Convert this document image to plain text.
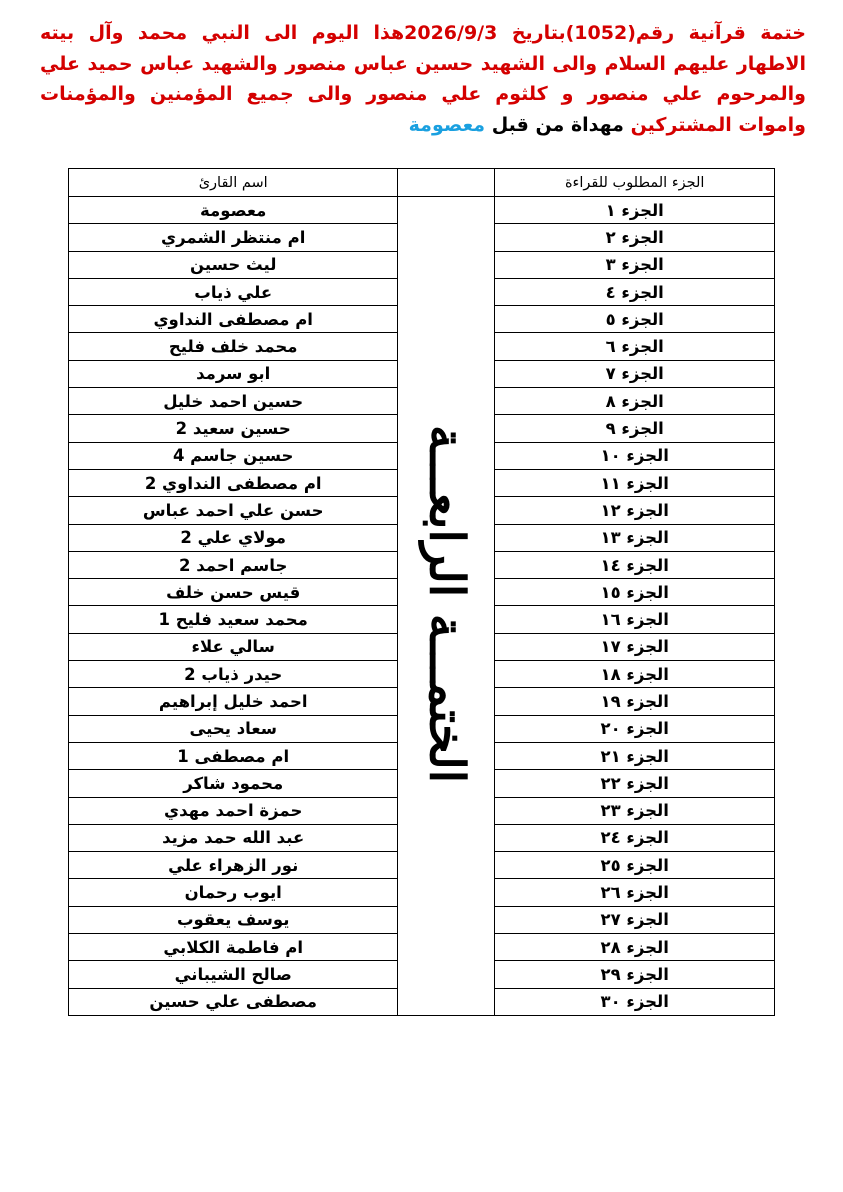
ختمة قرآنية رقم(1052)بتاريخ 2026/9/3هذا اليوم الى النبي محمد وآل بيته الاطهار عليهم السلام والى الشهيد حسين عباس منصور والشهيد عباس حميد علي والمرحوم علي منصور و كلثوم علي منصور والى جميع المؤمنين والمؤمنات واموات المشتركين مهداة من قبل معصومة
الجزء المطلوب للقراءة		اسم القارئ
الجزء ١	الختمـــة الرابعـــة	معصومة
الجزء ٢		ام منتظر الشمري
الجزء ٣		ليث حسين
الجزء ٤		علي ذياب
الجزء ٥		ام مصطفى النداوي
الجزء ٦		محمد خلف فليح
الجزء ٧		ابو سرمد
الجزء ٨		حسين احمد خليل
الجزء ٩		حسين سعيد 2
الجزء ١٠		حسين جاسم 4
الجزء ١١		ام مصطفى النداوي 2
الجزء ١٢		حسن علي احمد عباس
الجزء ١٣		مولاي علي 2
الجزء ١٤		جاسم احمد 2
الجزء ١٥		قيس حسن خلف
الجزء ١٦		محمد سعيد فليح 1
الجزء ١٧		سالي علاء
الجزء ١٨		حيدر ذياب 2
الجزء ١٩		احمد خليل إبراهيم
الجزء ٢٠		سعاد يحيى
الجزء ٢١		ام مصطفى 1
الجزء ٢٢		محمود شاكر
الجزء ٢٣		حمزة احمد مهدي
الجزء ٢٤		عبد الله حمد مزيد
الجزء ٢٥		نور الزهراء علي
الجزء ٢٦		ايوب رحمان
الجزء ٢٧		يوسف يعقوب
الجزء ٢٨		ام فاطمة الكلابي
الجزء ٢٩		صالح الشيباني
الجزء ٣٠		مصطفى علي حسين
